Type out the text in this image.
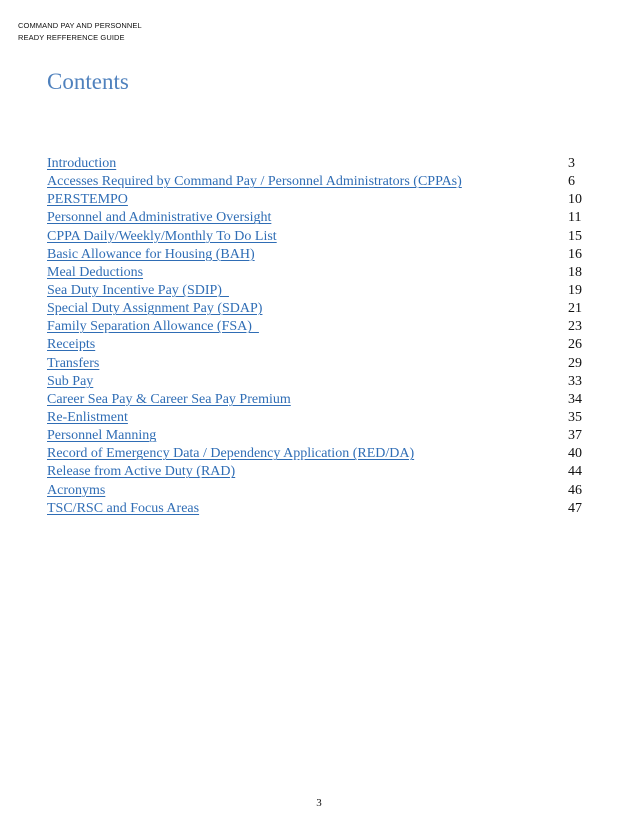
COMMAND PAY AND PERSONNEL
READY REFFERENCE GUIDE
Contents
Introduction	3
Accesses Required by Command Pay / Personnel Administrators (CPPAs)	6
PERSTEMPO	10
Personnel and Administrative Oversight	11
CPPA Daily/Weekly/Monthly To Do List	15
Basic Allowance for Housing (BAH)	16
Meal Deductions	18
Sea Duty Incentive Pay (SDIP)	19
Special Duty Assignment Pay (SDAP)	21
Family Separation Allowance (FSA)	23
Receipts	26
Transfers	29
Sub Pay	33
Career Sea Pay & Career Sea Pay Premium	34
Re-Enlistment	35
Personnel Manning	37
Record of Emergency Data / Dependency Application (RED/DA)	40
Release from Active Duty (RAD)	44
Acronyms	46
TSC/RSC and Focus Areas	47
3
